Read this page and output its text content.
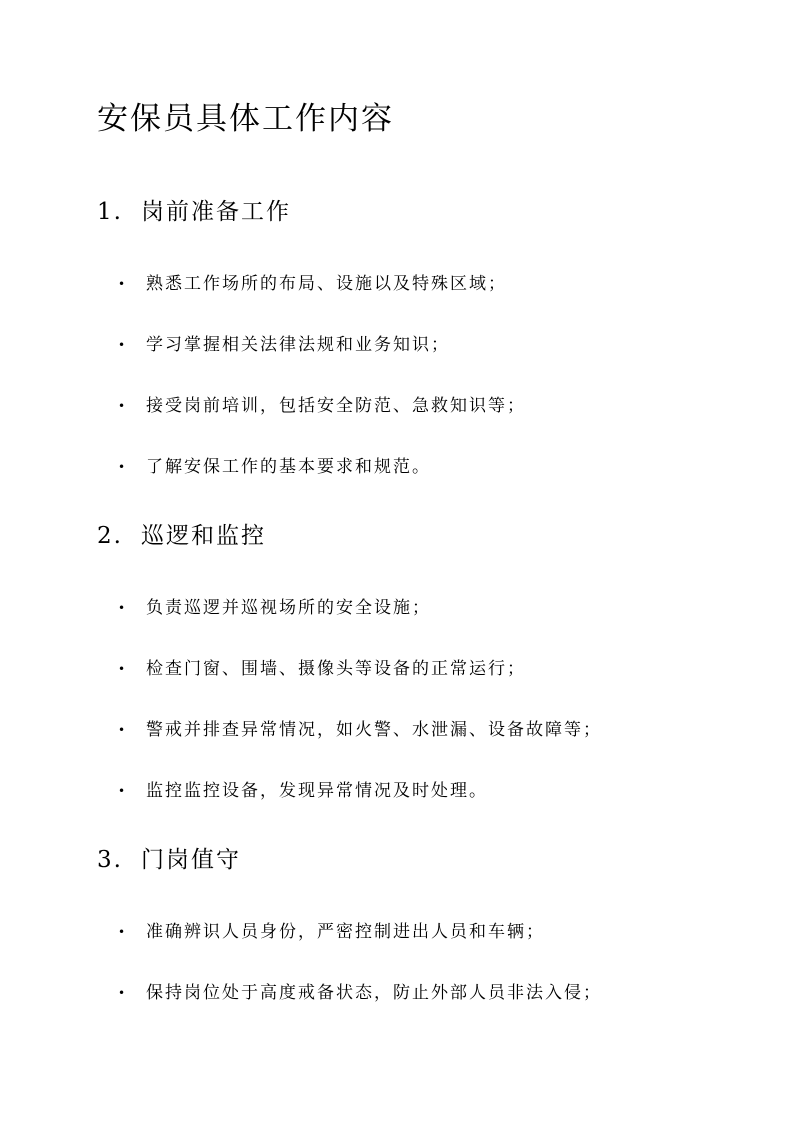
安保员具体工作内容
1. 岗前准备工作
• 熟悉工作场所的布局、设施以及特殊区域；
• 学习掌握相关法律法规和业务知识；
• 接受岗前培训，包括安全防范、急救知识等；
• 了解安保工作的基本要求和规范。
2. 巡逻和监控
• 负责巡逻并巡视场所的安全设施；
• 检查门窗、围墙、摄像头等设备的正常运行；
• 警戒并排查异常情况，如火警、水泄漏、设备故障等；
• 监控监控设备，发现异常情况及时处理。
3. 门岗值守
• 准确辨识人员身份，严密控制进出人员和车辆；
• 保持岗位处于高度戒备状态，防止外部人员非法入侵；
